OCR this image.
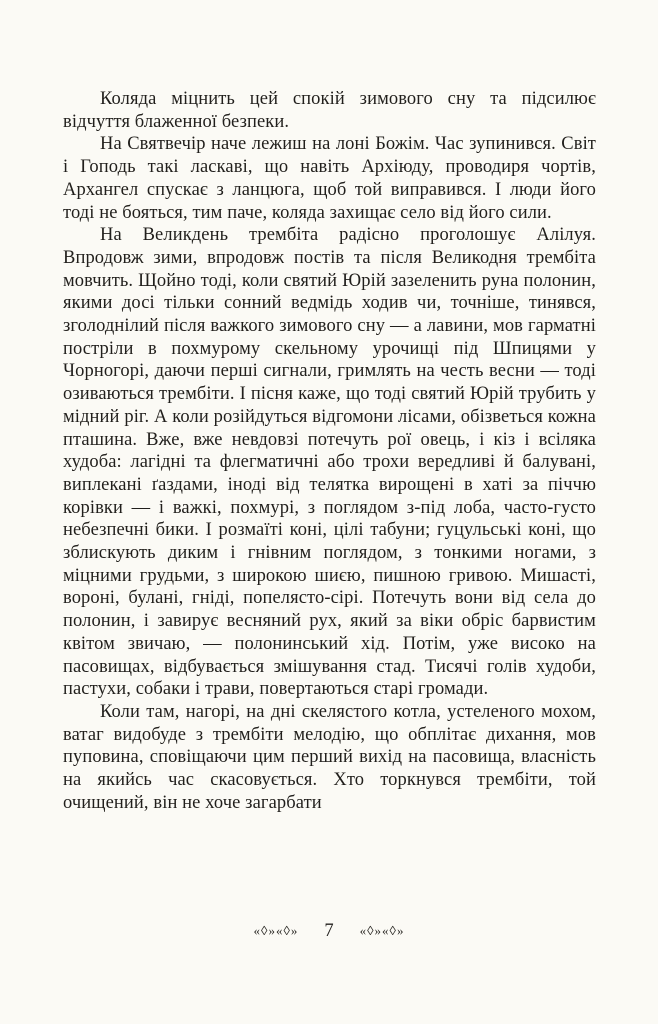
Коляда міцнить цей спокій зимового сну та підсилює відчуття блаженної безпеки.

На Святвечір наче лежиш на лоні Божім. Час зупинився. Світ і Гоподь такі ласкаві, що навіть Архіюду, проводиря чортів, Архангел спускає з ланцюга, щоб той виправився. І люди його тоді не бояться, тим паче, коляда захищає село від його сили.

На Великдень трембіта радісно проголошує Алілуя. Впродовж зими, впродовж постів та після Великодня трембіта мовчить. Щойно тоді, коли святий Юрій зазеленить руна полонин, якими досі тільки сонний ведмідь ходив чи, точніше, тинявся, зголоднілий після важкого зимового сну — а лавини, мов гарматні постріли в похмурому скельному урочищі під Шпицями у Чорногорі, даючи перші сигнали, гримлять на честь весни — тоді озиваються трембіти. І пісня каже, що тоді святий Юрій трубить у мідний ріг. А коли розійдуться відгомони лісами, обізветься кожна пташина. Вже, вже невдовзі потечуть рої овець, і кіз і всіляка худоба: лагідні та флегматичні або трохи вередливі й балувані, виплекані ґаздами, іноді від телятка вирощені в хаті за піччю корівки — і важкі, похмурі, з поглядом з-під лоба, часто-густо небезпечні бики. І розмаїті коні, цілі табуни; гуцульські коні, що зблискують диким і гнівним поглядом, з тонкими ногами, з міцними грудьми, з широкою шиєю, пишною гривою. Мишасті, вороні, булані, гніді, попелясто-сірі. Потечуть вони від села до полонин, і завирує весняний рух, який за віки обріс барвистим квітом звичаю, — полонинський хід. Потім, уже високо на пасовищах, відбувається змішування стад. Тисячі голів худоби, пастухи, собаки і трави, повертаються старі громади.

Коли там, нагорі, на дні скелястого котла, устеленого мохом, ватаг видобуде з трембіти мелодію, що обплітає дихання, мов пуповина, сповіщаючи цим перший вихід на пасовища, власність на якийсь час скасовується. Хто торкнувся трембіти, той очищений, він не хоче загарбати

«◊»«◊» 7 «◊»«◊»
